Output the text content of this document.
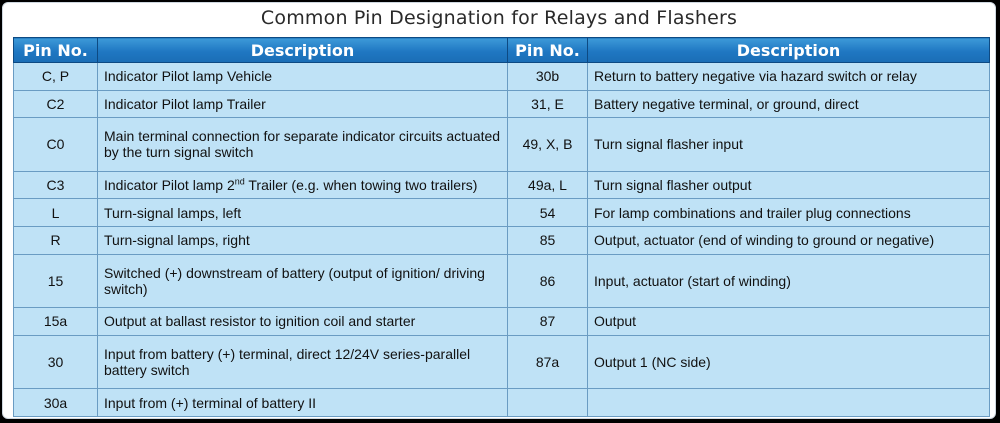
Common Pin Designation for Relays and Flashers
Pin No.	Description	Pin No.	Description
C, P	Indicator Pilot lamp Vehicle	30b	Return to battery negative via hazard switch or relay
C2	Indicator Pilot lamp Trailer	31, E	Battery negative terminal, or ground, direct
C0	Main terminal connection for separate indicator circuits actuated by the turn signal switch	49, X, B	Turn signal flasher input
C3	Indicator Pilot lamp 2nd Trailer (e.g. when towing two trailers)	49a, L	Turn signal flasher output
L	Turn-signal lamps, left	54	For lamp combinations and trailer plug connections
R	Turn-signal lamps, right	85	Output, actuator (end of winding to ground or negative)
15	Switched (+) downstream of battery (output of ignition/ driving switch)	86	Input, actuator (start of winding)
15a	Output at ballast resistor to ignition coil and starter	87	Output
30	Input from battery (+) terminal, direct 12/24V series-parallel battery switch	87a	Output 1 (NC side)
30a	Input from (+) terminal of battery II		
